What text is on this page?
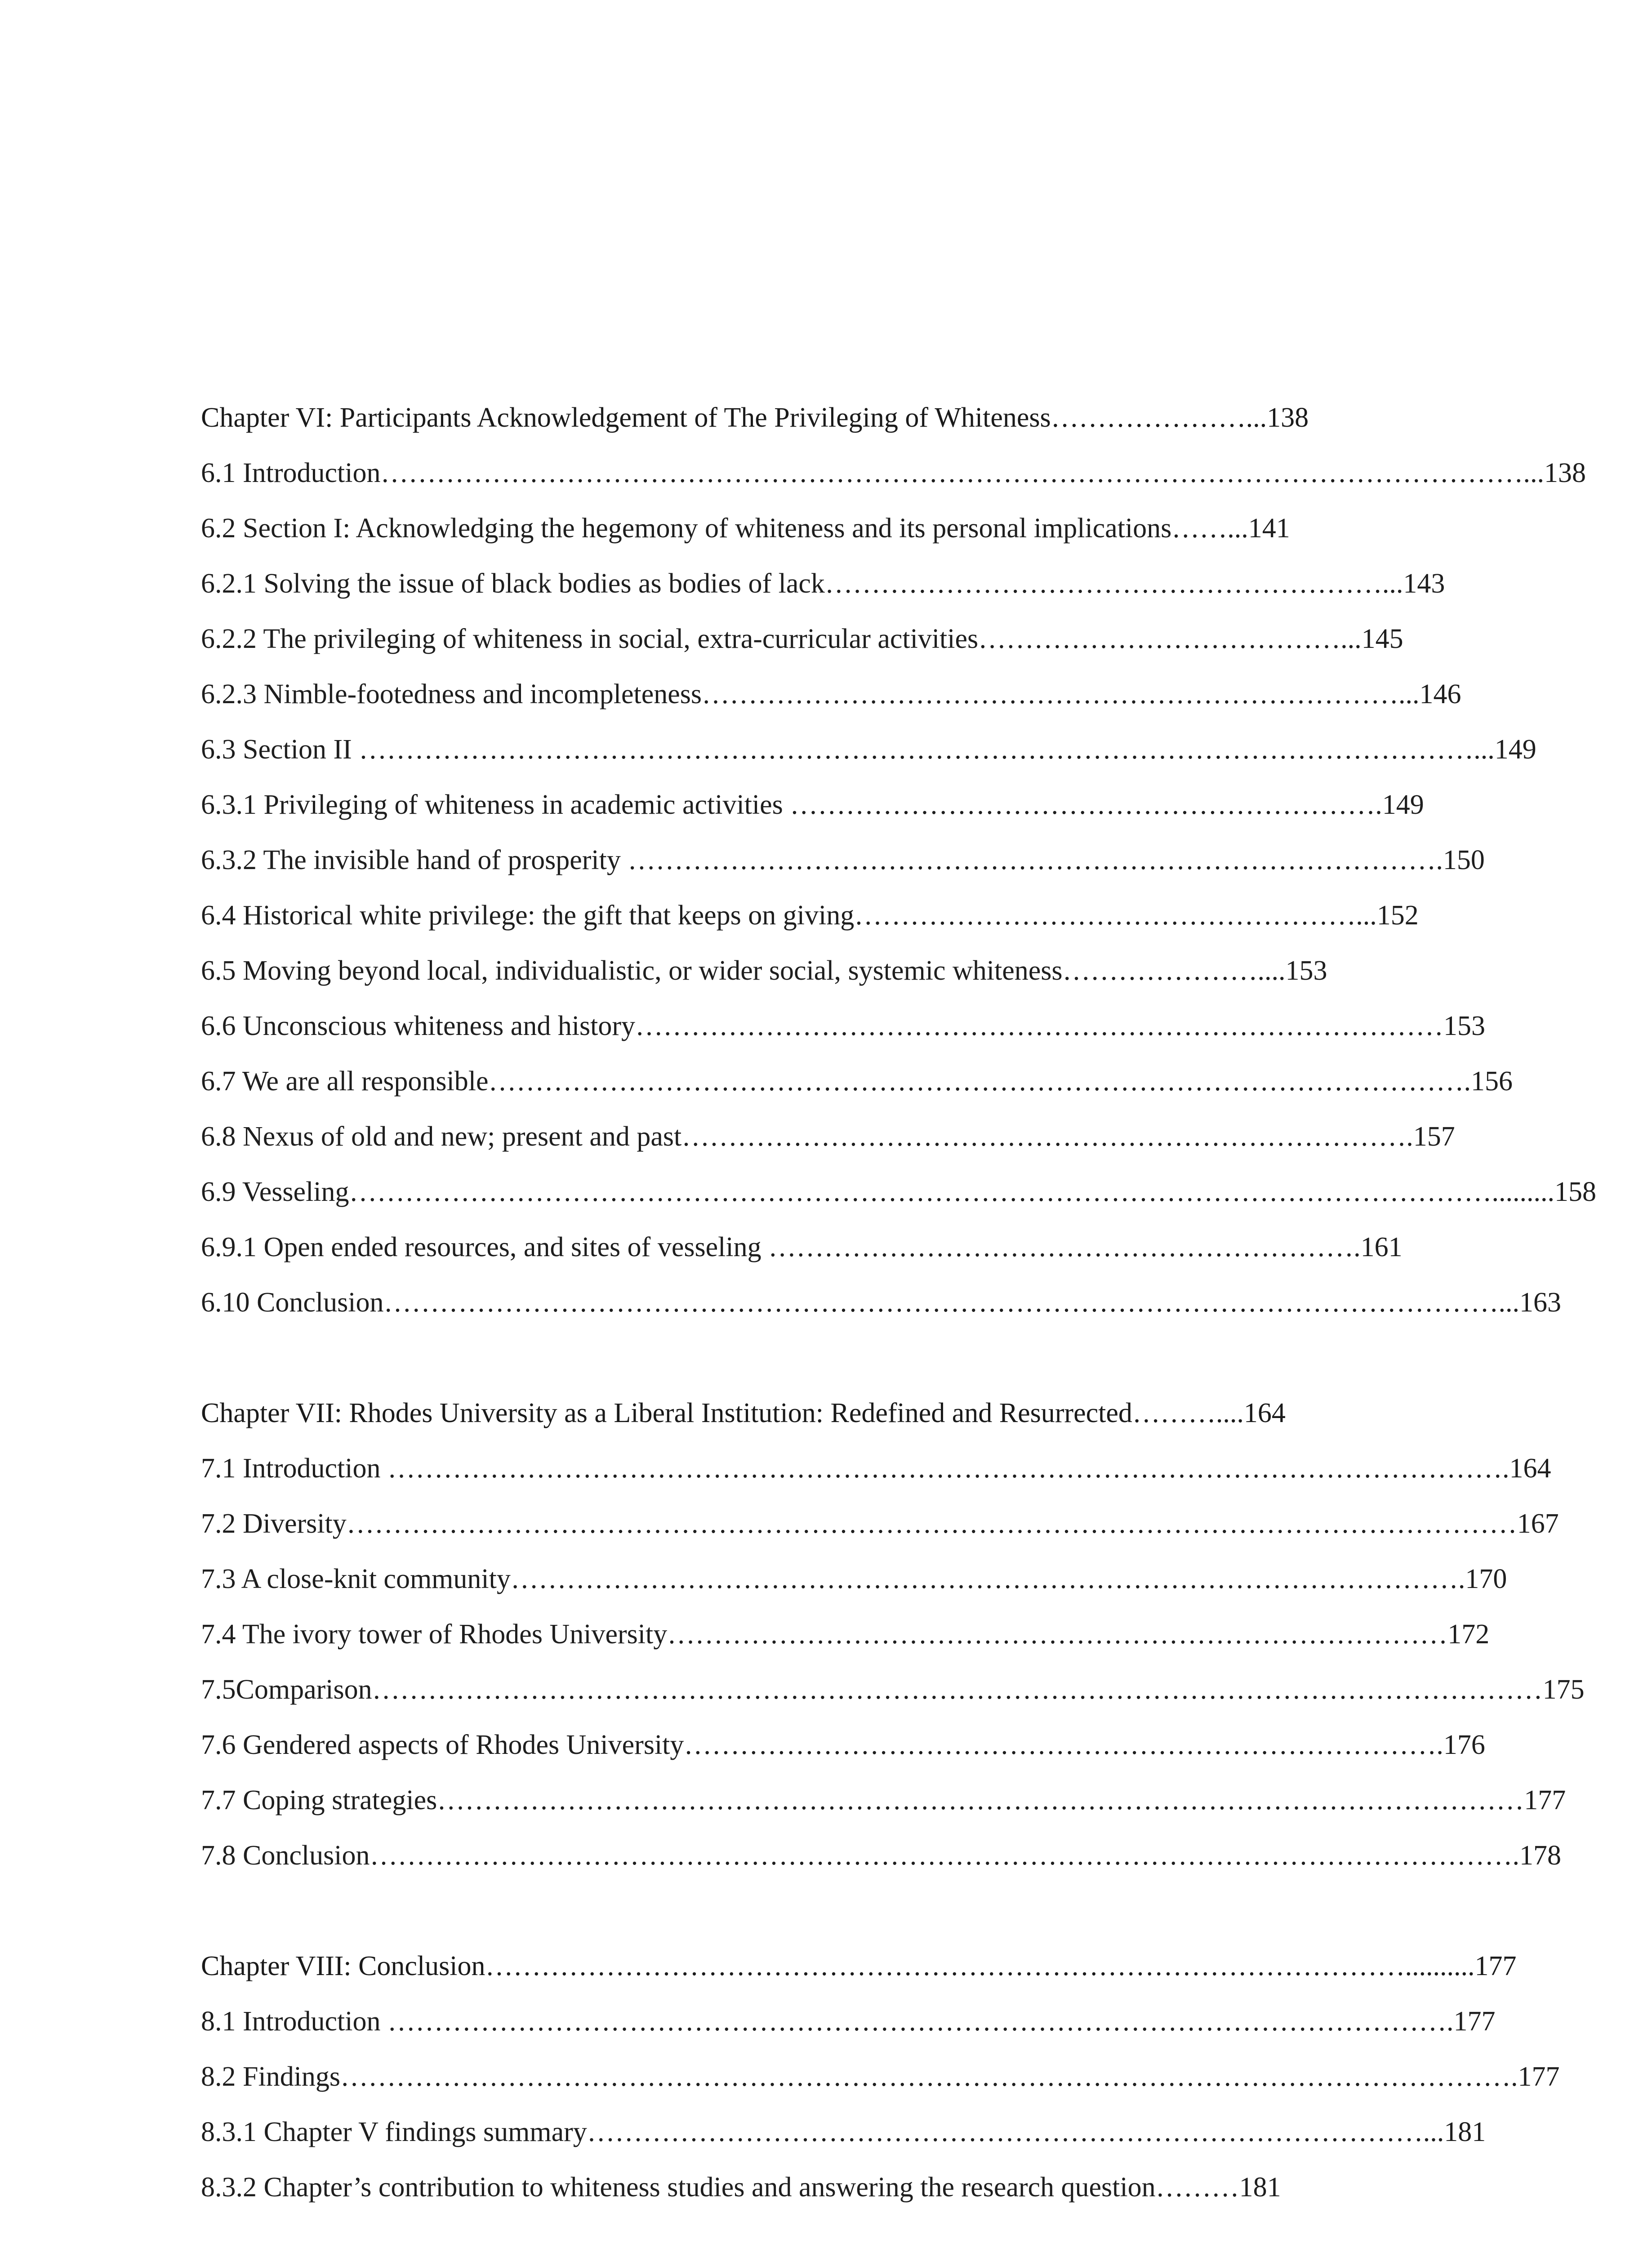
Chapter VI: Participants Acknowledgement of The Privileging of Whiteness…………………...138
6.1 Introduction……………………………………………………………………………………………………………...138
6.2 Section I: Acknowledging the hegemony of whiteness and its personal implications……...141
6.2.1 Solving the issue of black bodies as bodies of lack……………………………………………………...143
6.2.2 The privileging of whiteness in social, extra-curricular activities…………………………………...145
6.2.3 Nimble-footedness and incompleteness…………………………………………………………………...146
6.3 Section II …………………………………………………………………………………………………………...149
6.3.1 Privileging of whiteness in academic activities ……………………………………………………….149
6.3.2 The invisible hand of prosperity …………………………………………………………………………….150
6.4 Historical white privilege: the gift that keeps on giving………………………………………………...152
6.5 Moving beyond local, individualistic, or wider social, systemic whiteness…………………....153
6.6 Unconscious whiteness and history……………………………………………………………………………153
6.7 We are all responsible…………………………………………………………………………………………….156
6.8 Nexus of old and new; present and past…………………………………………………………………….157
6.9 Vesseling…………………………………………………………………………………………………………….........158
6.9.1 Open ended resources, and sites of vesseling ……………………………………………………….161
6.10 Conclusion…………………………………………………………………………………………………………...163
Chapter VII: Rhodes University as a Liberal Institution: Redefined and Resurrected………....164
7.1 Introduction ………………………………………………………………………………………………………….164
7.2 Diversity………………………………………………………………………………………………………………167
7.3 A close-knit community………………………………………………………………………………………….170
7.4 The ivory tower of Rhodes University…………………………………………………………………………172
7.5Comparison………………………………………………………………………………………………………………175
7.6 Gendered aspects of Rhodes University……………………………………………………………………….176
7.7 Coping strategies………………………………………………………………………………………………………177
7.8 Conclusion…………………………………………………………………………………………………………….178
Chapter VIII: Conclusion………………………………………………………………………………………..........177
8.1 Introduction …………………………………………………………………………………………………….177
8.2 Findings……………………………………………………………………………………………………………….177
8.3.1 Chapter V findings summary………………………………………………………………………………...181
8.3.2 Chapter’s contribution to whiteness studies and answering the research question………181
